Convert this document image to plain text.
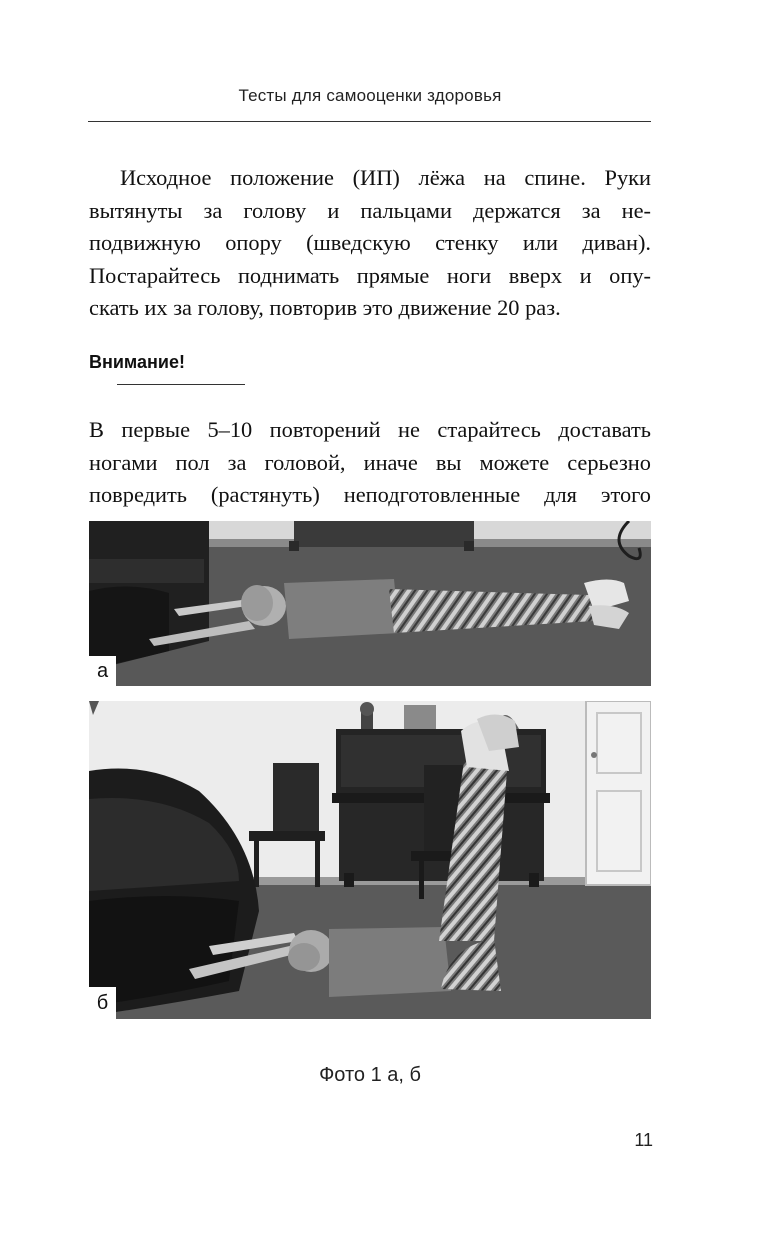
Тесты для самооценки здоровья
Исходное положение (ИП) лёжа на спине. Руки
вытянуты за голову и пальцами держатся за не-
подвижную опору (шведскую стенку или диван).
Постарайтесь поднимать прямые ноги вверх и опу-
скать их за голову, повторив это движение 20 раз.
Внимание!
В первые 5–10 повторений не старайтесь доставать
ногами пол за головой, иначе вы можете серьезно
повредить (растянуть) неподготовленные для этого
а
б
Фото 1 а, б
11
